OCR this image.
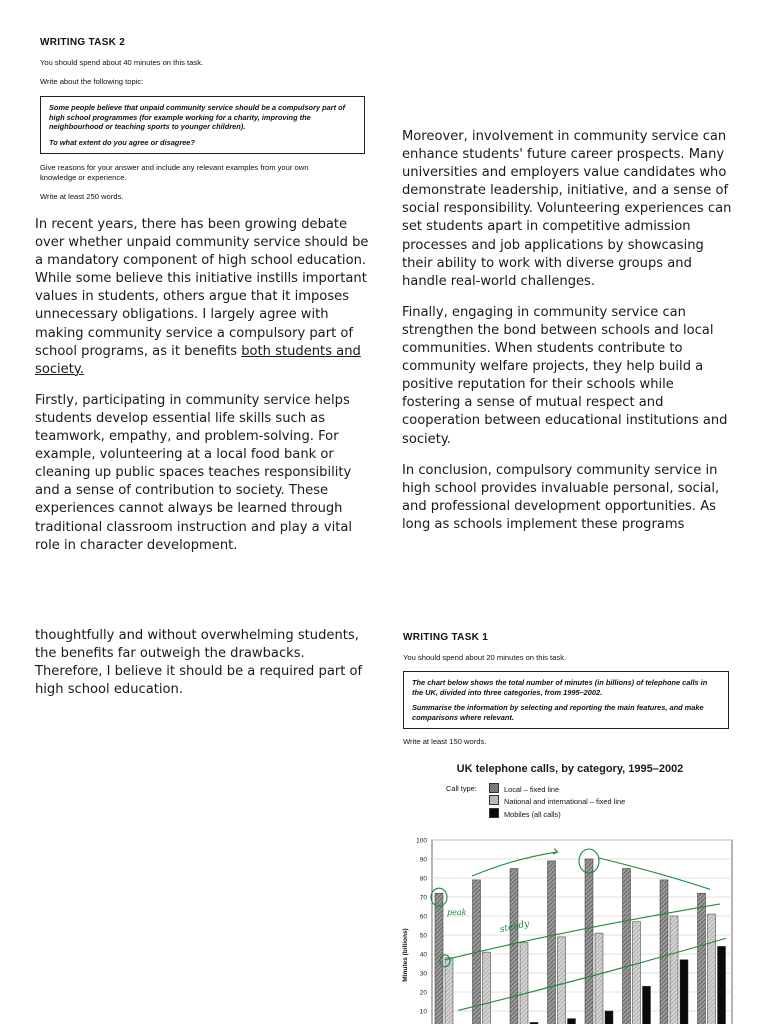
WRITING TASK 2
You should spend about 40 minutes on this task.
Write about the following topic:

Some people believe that unpaid community service should be a compulsory part of high school programmes (for example working for a charity, improving the neighbourhood or teaching sports to younger children).

To what extent do you agree or disagree?

Give reasons for your answer and include any relevant examples from your own knowledge or experience.
Write at least 250 words.

In recent years, there has been growing debate over whether unpaid community service should be a mandatory component of high school education. While some believe this initiative instills important values in students, others argue that it imposes unnecessary obligations. I largely agree with making community service a compulsory part of school programs, as it benefits both students and society.

Firstly, participating in community service helps students develop essential life skills such as teamwork, empathy, and problem-solving. For example, volunteering at a local food bank or cleaning up public spaces teaches responsibility and a sense of contribution to society. These experiences cannot always be learned through traditional classroom instruction and play a vital role in character development.

Moreover, involvement in community service can enhance students' future career prospects. Many universities and employers value candidates who demonstrate leadership, initiative, and a sense of social responsibility. Volunteering experiences can set students apart in competitive admission processes and job applications by showcasing their ability to work with diverse groups and handle real-world challenges.

Finally, engaging in community service can strengthen the bond between schools and local communities. When students contribute to community welfare projects, they help build a positive reputation for their schools while fostering a sense of mutual respect and cooperation between educational institutions and society.

In conclusion, compulsory community service in high school provides invaluable personal, social, and professional development opportunities. As long as schools implement these programs

thoughtfully and without overwhelming students, the benefits far outweigh the drawbacks. Therefore, I believe it should be a required part of high school education.

WRITING TASK 1
You should spend about 20 minutes on this task.

The chart below shows the total number of minutes (in billions) of telephone calls in the UK, divided into three categories, from 1995–2002.

Summarise the information by selecting and reporting the main features, and make comparisons where relevant.

Write at least 150 words.
UK telephone calls, by category, 1995–2002
Call type:	Local – fixed line
National and international – fixed line
Mobiles (all calls)
10
20
30
40
50
60
70
80
90
100
Minutes (billions)
steady
peak
